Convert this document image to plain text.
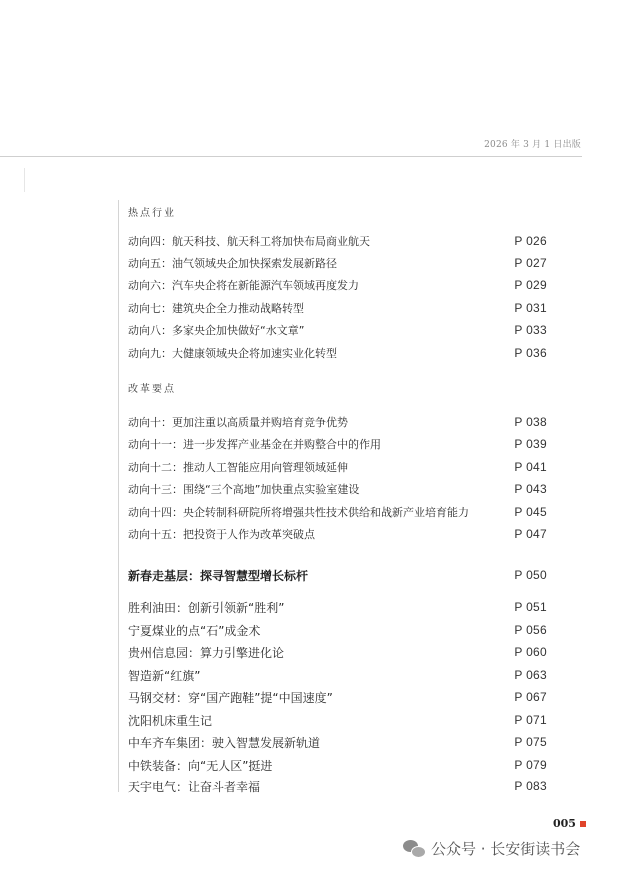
2026 年 3 月 1 日出版
热点行业
动向四：航天科技、航天科工将加快布局商业航天	P 026
动向五：油气领域央企加快探索发展新路径	P 027
动向六：汽车央企将在新能源汽车领域再度发力	P 029
动向七：建筑央企全力推动战略转型	P 031
动向八：多家央企加快做好“水文章”	P 033
动向九：大健康领域央企将加速实业化转型	P 036
改革要点
动向十：更加注重以高质量并购培育竞争优势	P 038
动向十一：进一步发挥产业基金在并购整合中的作用	P 039
动向十二：推动人工智能应用向管理领域延伸	P 041
动向十三：围绕“三个高地”加快重点实验室建设	P 043
动向十四：央企转制科研院所将增强共性技术供给和战新产业培育能力	P 045
动向十五：把投资于人作为改革突破点	P 047
新春走基层：探寻智慧型增长标杆	P 050
胜利油田：创新引领新“胜利”	P 051
宁夏煤业的点“石”成金术	P 056
贵州信息园：算力引擎进化论	P 060
智造新“红旗”	P 063
马钢交材：穿“国产跑鞋”提“中国速度”	P 067
沈阳机床重生记	P 071
中车齐车集团：驶入智慧发展新轨道	P 075
中铁装备：向“无人区”挺进	P 079
天宇电气：让奋斗者幸福	P 083
005
公众号 · 长安街读书会
